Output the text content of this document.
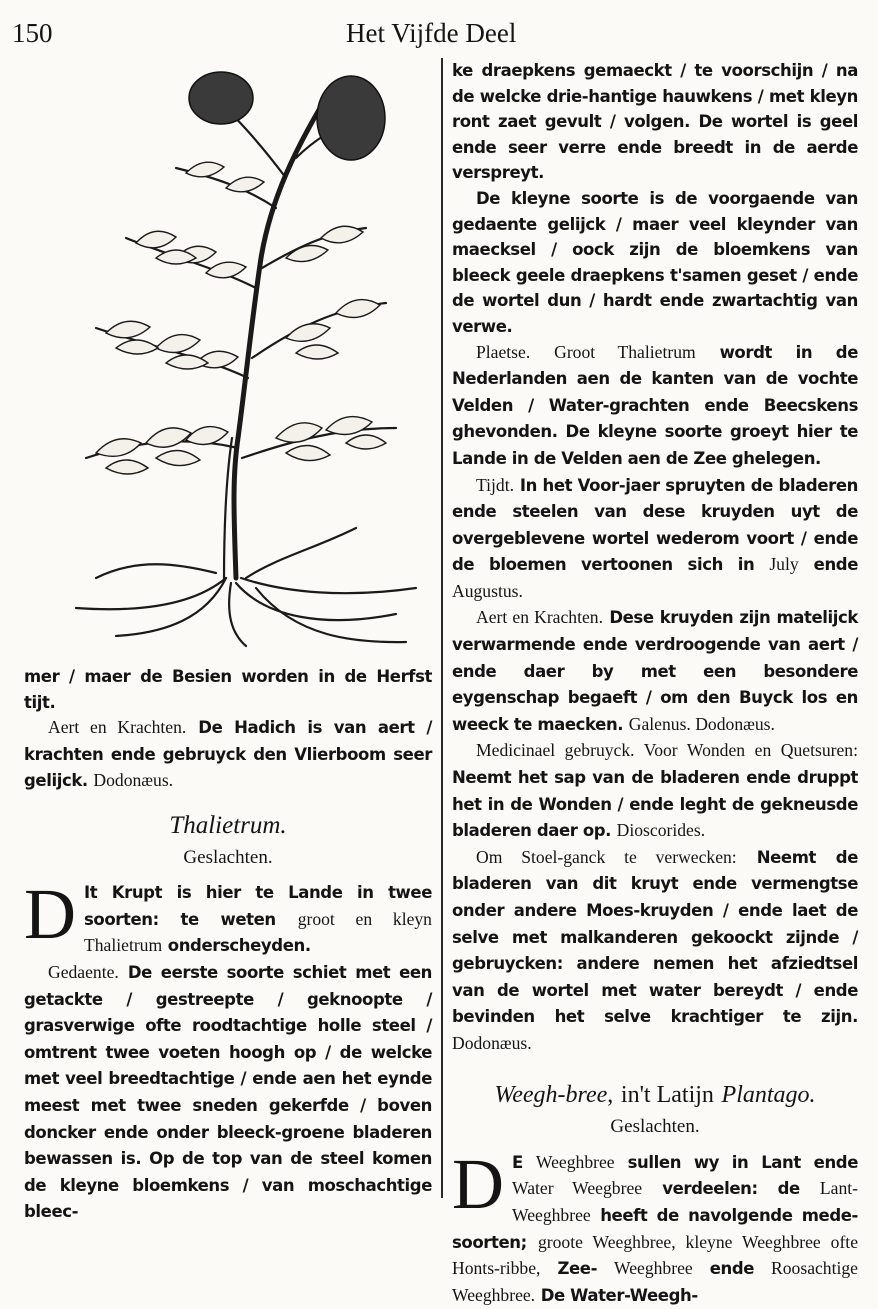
150	Het Vijfde Deel

mer / maer de Besien worden in de Herfst tijt.

Aert en Krachten. De Hadich is van aert / krachten ende gebruyck den Vlierboom seer gelijck. Dodonæus.

Thalietrum.
Geslachten.

D It Krupt is hier te Lande in twee soorten: te weten groot en kleyn Thalietrum onderscheyden.

Gedaente. De eerste soorte schiet met een getackte / gestreepte / geknoopte / grasverwige ofte roodtachtige holle steel / omtrent twee voeten hoogh op / de welcke met veel breedtachtige / ende aen het eynde meest met twee sneden gekerfde / boven doncker ende onder bleeck-groene bladeren bewassen is. Op de top van de steel komen de kleyne bloemkens / van moschachtige bleec-

ke draepkens gemaeckt / te voorschijn / na de welcke drie-hantige hauwkens / met kleyn ront zaet gevult / volgen. De wortel is geel ende seer verre ende breedt in de aerde verspreyt.

De kleyne soorte is de voorgaende van gedaente gelijck / maer veel kleynder van maecksel / oock zijn de bloemkens van bleeck geele draepkens t'samen geset / ende de wortel dun / hardt ende zwartachtig van verwe.

Plaetse. Groot Thalietrum wordt in de Nederlanden aen de kanten van de vochte Velden / Water-grachten ende Beecskens ghevonden. De kleyne soorte groeyt hier te Lande in de Velden aen de Zee ghelegen.

Tijdt. In het Voor-jaer spruyten de bladeren ende steelen van dese kruyden uyt de overgeblevene wortel wederom voort / ende de bloemen vertoonen sich in July ende Augustus.

Aert en Krachten. Dese kruyden zijn matelijck verwarmende ende verdroogende van aert / ende daer by met een besondere eygenschap begaeft / om den Buyck los en weeck te maecken. Galenus. Dodonæus.

Medicinael gebruyck. Voor Wonden en Quetsuren: Neemt het sap van de bladeren ende druppt het in de Wonden / ende leght de gekneusde bladeren daer op. Dioscorides.

Om Stoel-ganck te verwecken: Neemt de bladeren van dit kruyt ende vermengtse onder andere Moes-kruyden / ende laet de selve met malkanderen gekoockt zijnde / gebruycken: andere nemen het afziedtsel van de wortel met water bereydt / ende bevinden het selve krachtiger te zijn. Dodonæus.

Weegh-bree, in't Latijn Plantago.
Geslachten.

D E Weeghbree sullen wy in Lant ende Water Weegbree verdeelen: de Lant-Weeghbree heeft de navolgende mede-soorten; groote Weeghbree, kleyne Weeghbree ofte Honts-ribbe, Zee- Weeghbree ende Roosachtige Weeghbree. De Water-Weegh-
